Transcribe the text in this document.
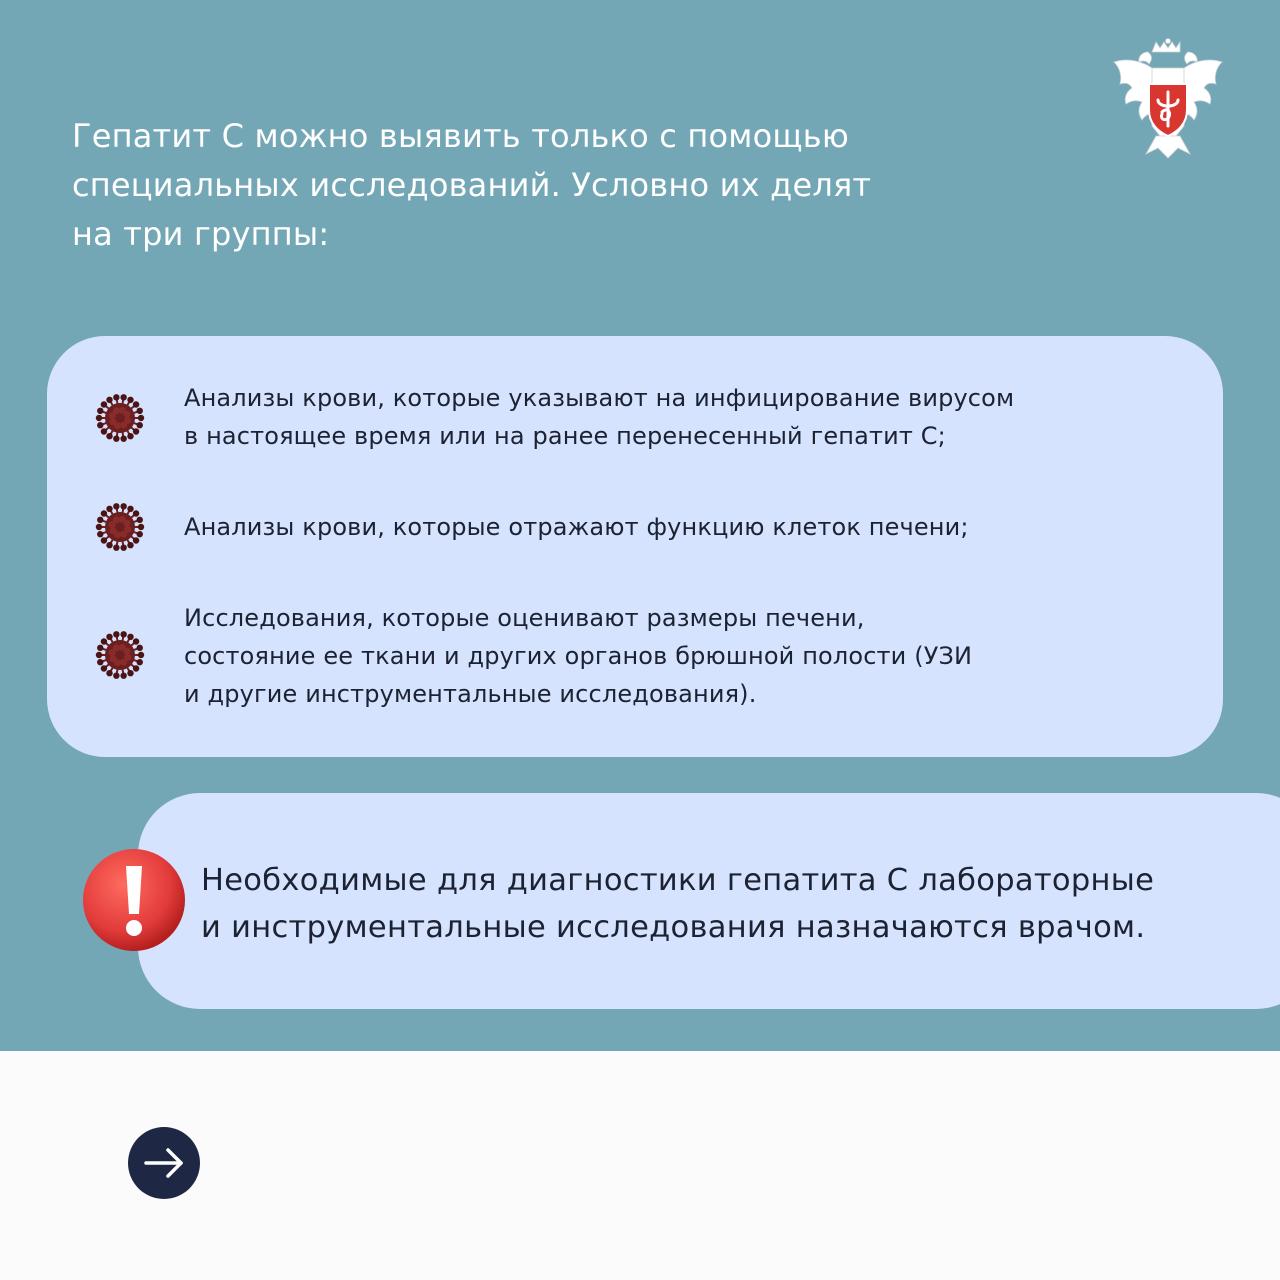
Гепатит С можно выявить только с помощью
специальных исследований. Условно их делят
на три группы:

Анализы крови, которые указывают на инфицирование вирусом
в настоящее время или на ранее перенесенный гепатит С;

Анализы крови, которые отражают функцию клеток печени;

Исследования, которые оценивают размеры печени,
состояние ее ткани и других органов брюшной полости (УЗИ
и другие инструментальные исследования).

Необходимые для диагностики гепатита С лабораторные
и инструментальные исследования назначаются врачом.
